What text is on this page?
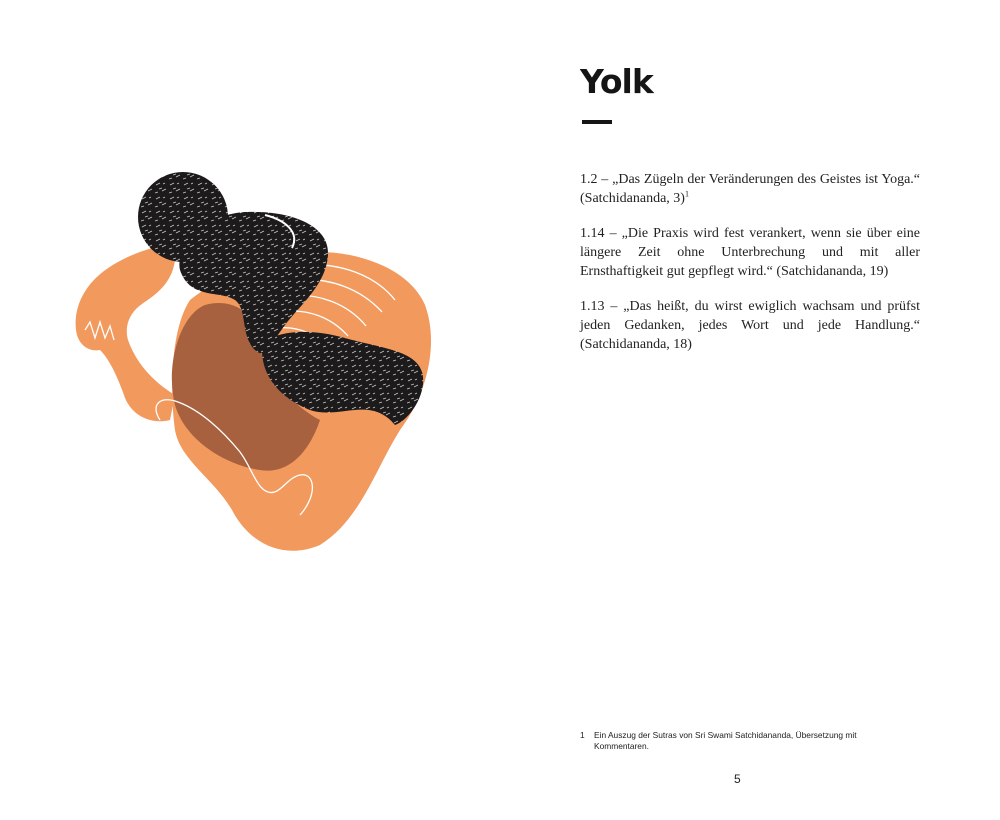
Yolk

1.2 – „Das Zügeln der Veränderungen des Geistes ist Yoga.“ (Satchidananda, 3)$^1$

1.14 – „Die Praxis wird fest verankert, wenn sie über eine längere Zeit ohne Unterbrechung und mit aller Ernsthaftigkeit gut gepflegt wird.“ (Satchidananda, 19)

1.13 – „Das heißt, du wirst ewiglich wachsam und prüfst jeden Gedanken, jedes Wort und jede Handlung.“ (Satchidananda, 18)

1	Ein Auszug der Sutras von Sri Swami Satchidananda, Übersetzung mit Kommentaren.
5
